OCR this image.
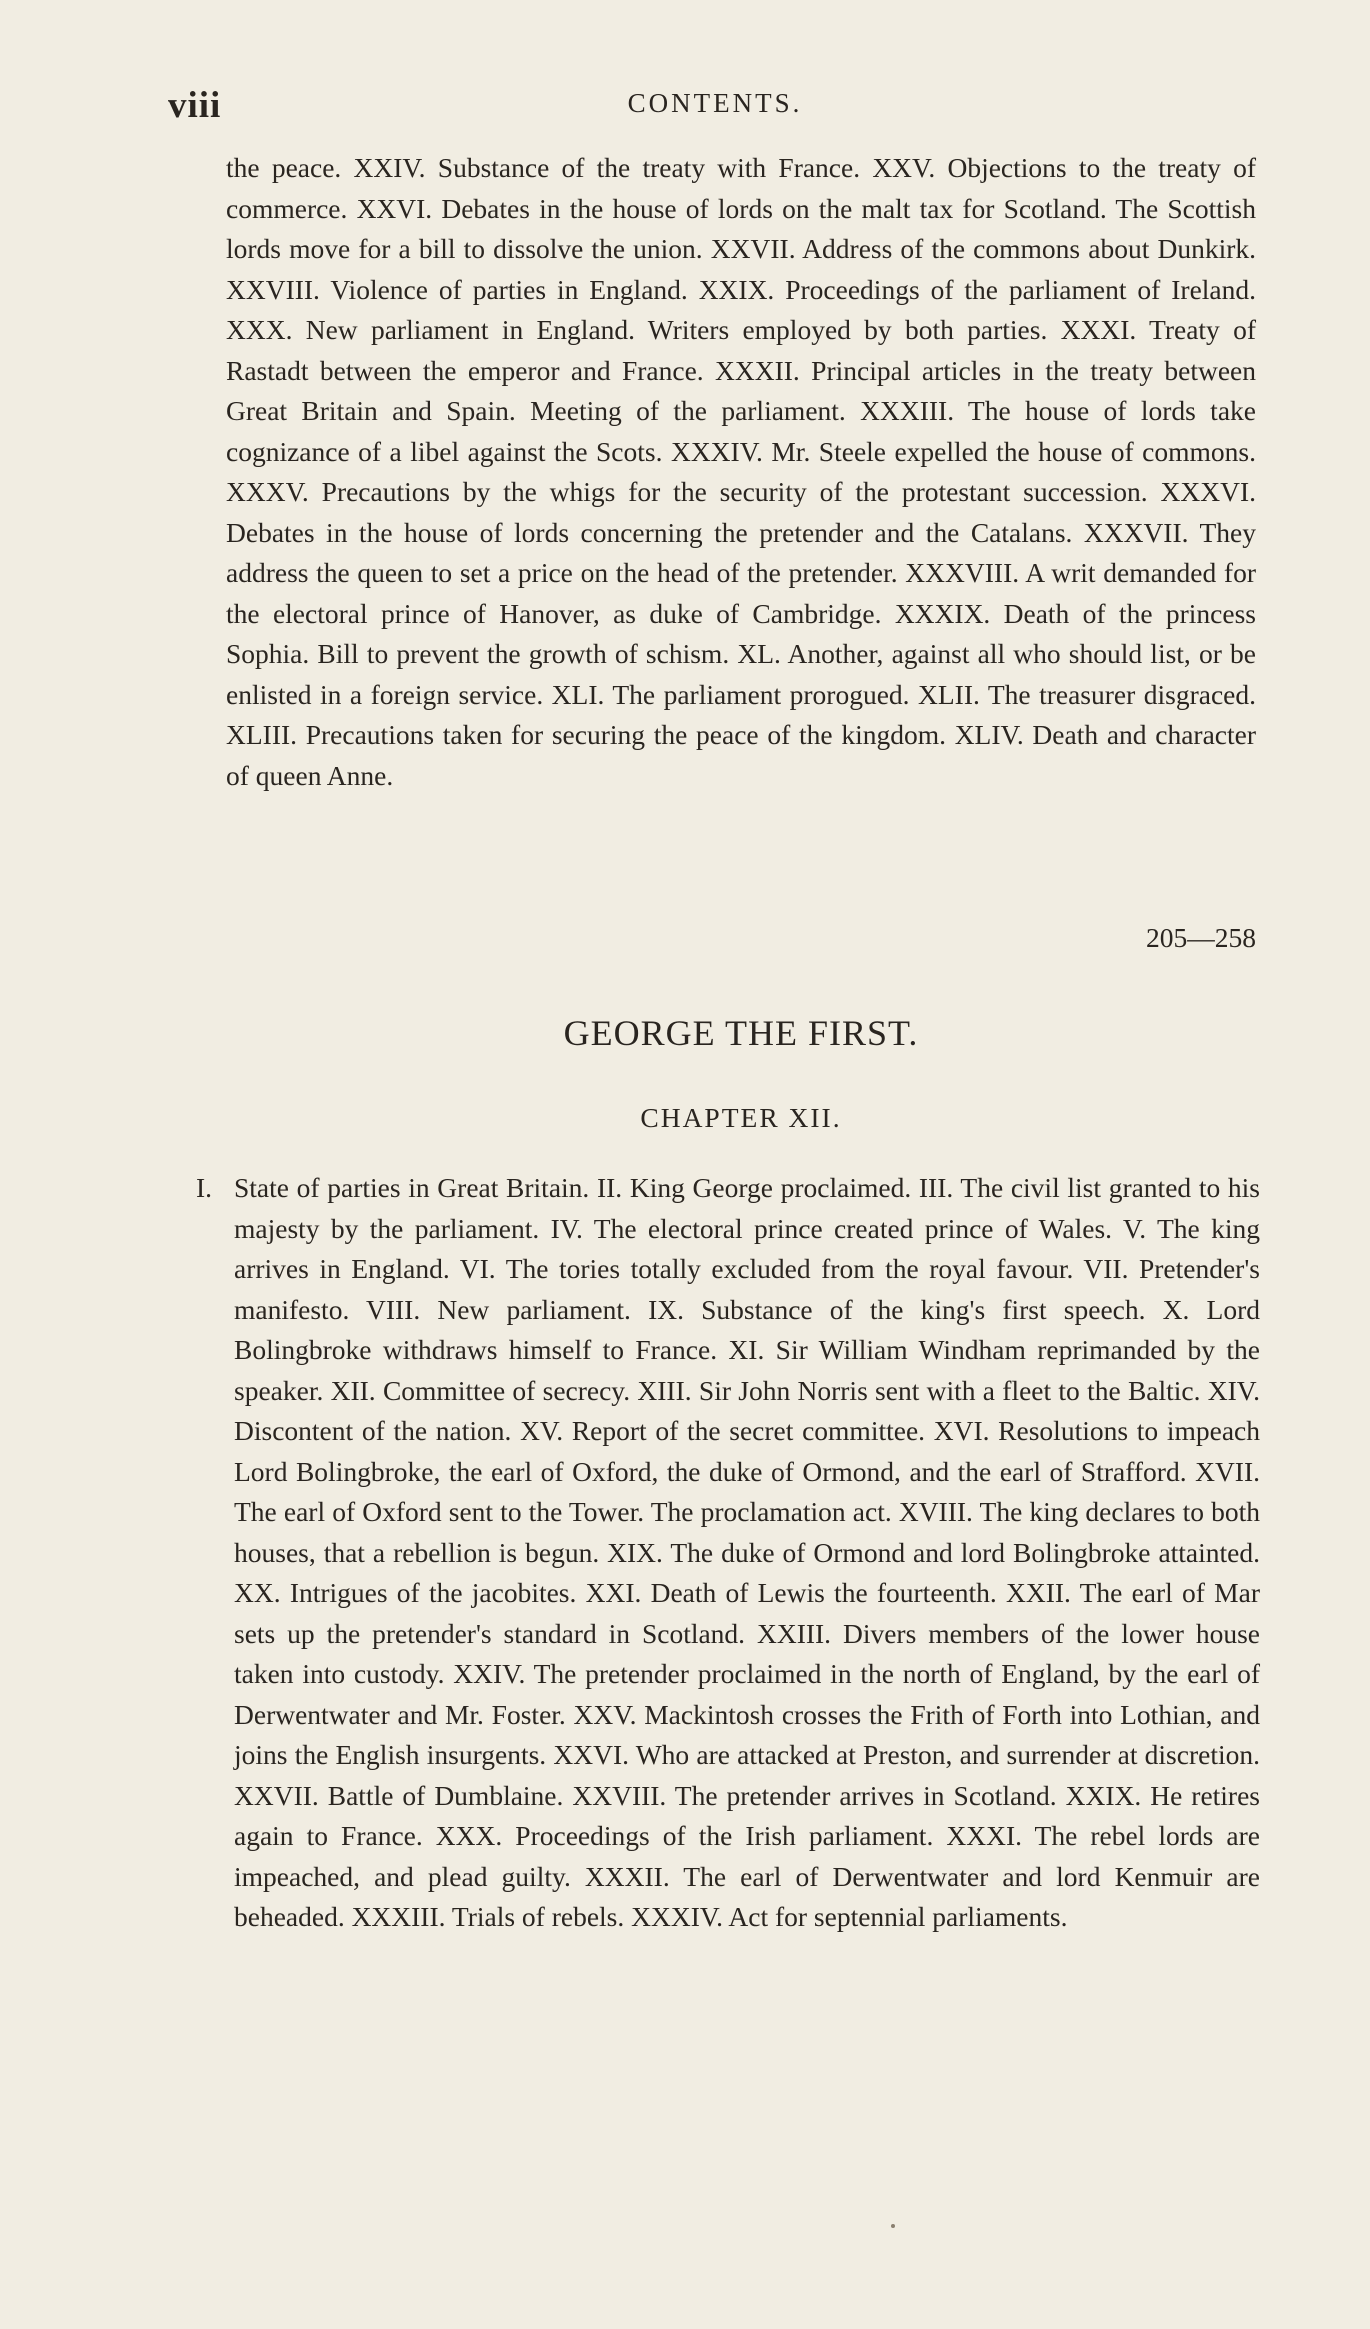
viii	CONTENTS.
the peace. XXIV. Substance of the treaty with France. XXV. Objections to the treaty of commerce. XXVI. Debates in the house of lords on the malt tax for Scotland. The Scottish lords move for a bill to dissolve the union. XXVII. Address of the commons about Dunkirk. XXVIII. Violence of parties in England. XXIX. Proceedings of the parliament of Ireland. XXX. New parliament in England. Writers employed by both parties. XXXI. Treaty of Rastadt between the emperor and France. XXXII. Principal articles in the treaty between Great Britain and Spain. Meeting of the parliament. XXXIII. The house of lords take cognizance of a libel against the Scots. XXXIV. Mr. Steele expelled the house of commons. XXXV. Precautions by the whigs for the security of the protestant succession. XXXVI. Debates in the house of lords concerning the pretender and the Catalans. XXXVII. They address the queen to set a price on the head of the pretender. XXXVIII. A writ demanded for the electoral prince of Hanover, as duke of Cambridge. XXXIX. Death of the princess Sophia. Bill to prevent the growth of schism. XL. Another, against all who should list, or be enlisted in a foreign service. XLI. The parliament prorogued. XLII. The treasurer disgraced. XLIII. Precautions taken for securing the peace of the kingdom. XLIV. Death and character of queen Anne.
205—258
GEORGE THE FIRST.
CHAPTER XII.
I. State of parties in Great Britain. II. King George proclaimed. III. The civil list granted to his majesty by the parliament. IV. The electoral prince created prince of Wales. V. The king arrives in England. VI. The tories totally excluded from the royal favour. VII. Pretender's manifesto. VIII. New parliament. IX. Substance of the king's first speech. X. Lord Bolingbroke withdraws himself to France. XI. Sir William Windham reprimanded by the speaker. XII. Committee of secrecy. XIII. Sir John Norris sent with a fleet to the Baltic. XIV. Discontent of the nation. XV. Report of the secret committee. XVI. Resolutions to impeach Lord Bolingbroke, the earl of Oxford, the duke of Ormond, and the earl of Strafford. XVII. The earl of Oxford sent to the Tower. The proclamation act. XVIII. The king declares to both houses, that a rebellion is begun. XIX. The duke of Ormond and lord Bolingbroke attainted. XX. Intrigues of the jacobites. XXI. Death of Lewis the fourteenth. XXII. The earl of Mar sets up the pretender's standard in Scotland. XXIII. Divers members of the lower house taken into custody. XXIV. The pretender proclaimed in the north of England, by the earl of Derwentwater and Mr. Foster. XXV. Mackintosh crosses the Frith of Forth into Lothian, and joins the English insurgents. XXVI. Who are attacked at Preston, and surrender at discretion. XXVII. Battle of Dumblaine. XXVIII. The pretender arrives in Scotland. XXIX. He retires again to France. XXX. Proceedings of the Irish parliament. XXXI. The rebel lords are impeached, and plead guilty. XXXII. The earl of Derwentwater and lord Kenmuir are beheaded. XXXIII. Trials of rebels. XXXIV. Act for septennial parliaments.
